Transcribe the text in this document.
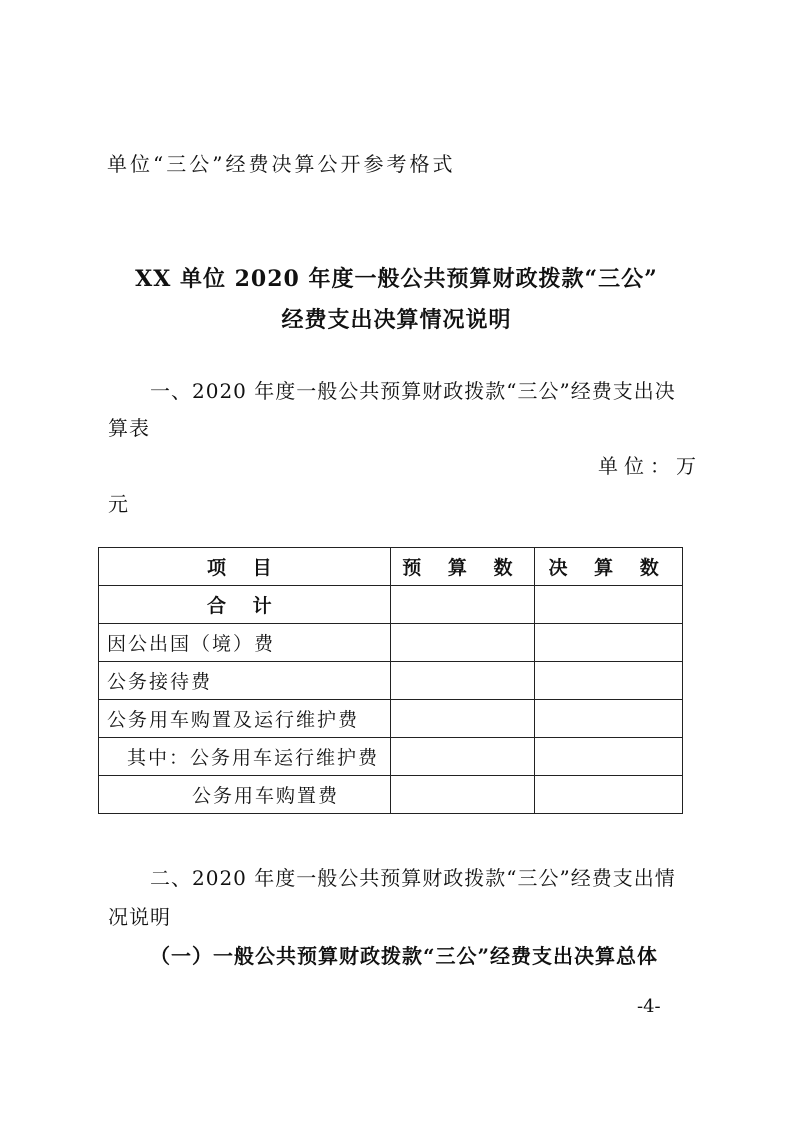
单位“三公”经费决算公开参考格式
XX 单位 2020 年度一般公共预算财政拨款“三公”
经费支出决算情况说明
一、2020 年度一般公共预算财政拨款“三公”经费支出决
算表
单位：万
元
项 目	预 算 数	决 算 数
合 计		
因公出国（境）费		
公务接待费		
公务用车购置及运行维护费		
其中：公务用车运行维护费		
公务用车购置费		
二、2020 年度一般公共预算财政拨款“三公”经费支出情
况说明
（一）一般公共预算财政拨款“三公”经费支出决算总体
-4-
